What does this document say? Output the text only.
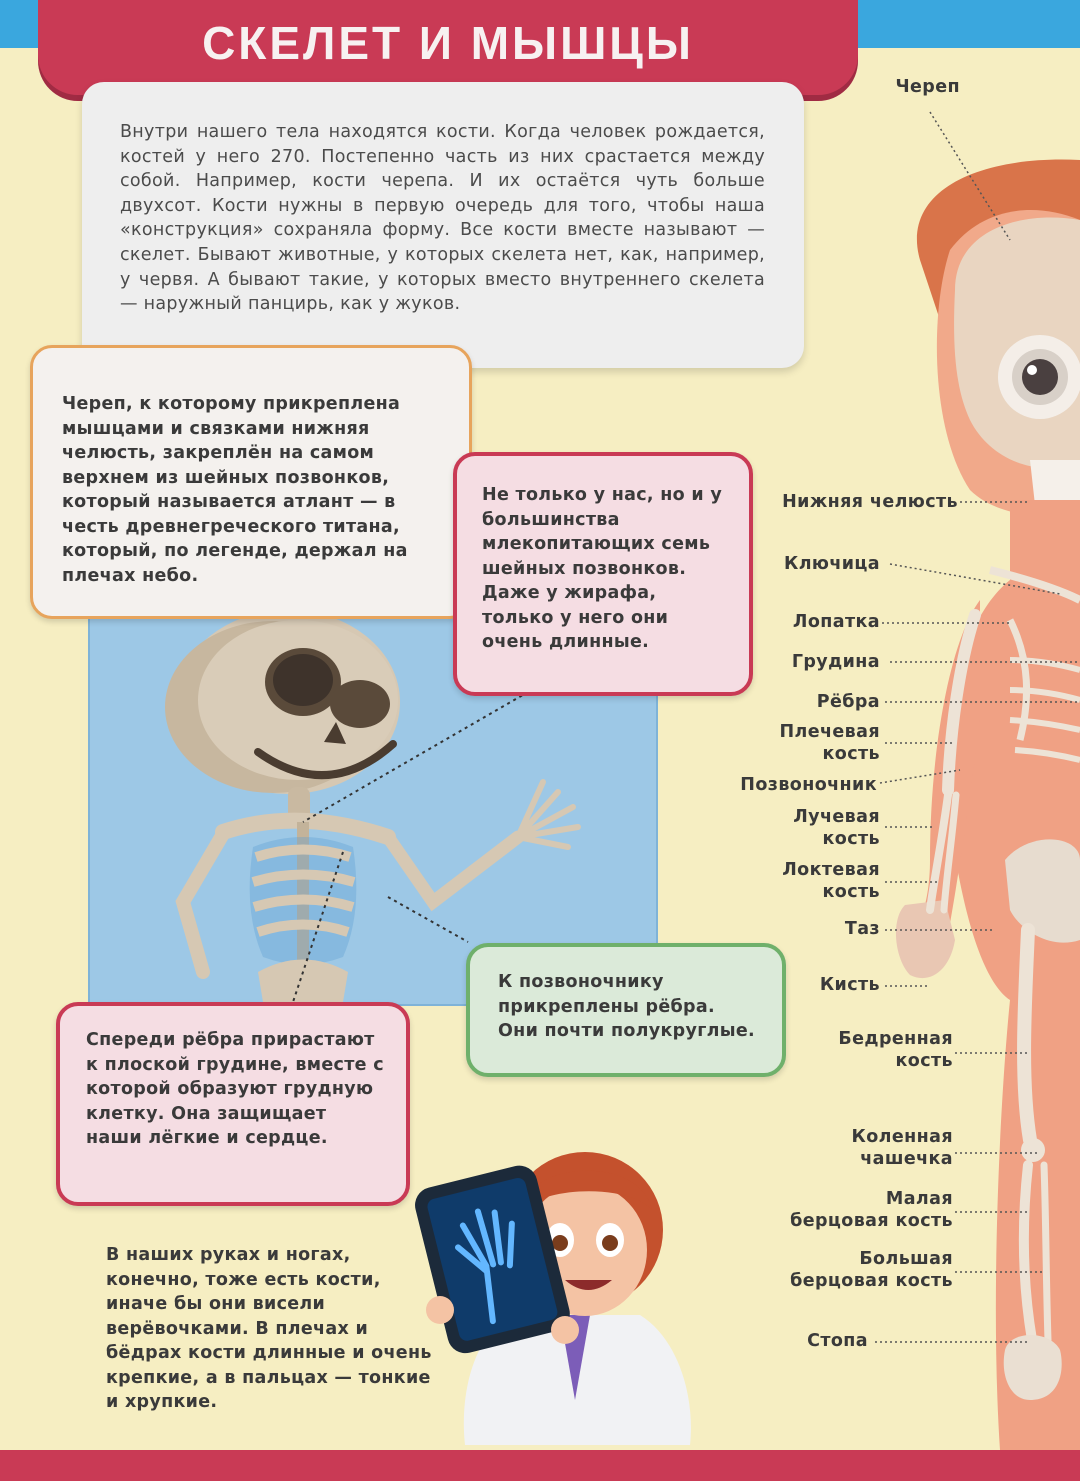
СКЕЛЕТ И МЫШЦЫ
Внутри нашего тела находятся кости. Когда человек рождается, костей у него 270. Постепенно часть из них срастается между собой. Например, кости черепа. И их остаётся чуть больше двухсот. Кости нужны в первую очередь для того, чтобы наша «конструкция» сохраняла форму. Все кости вместе называют — скелет. Бывают животные, у которых скелета нет, как, например, у червя. А бывают такие, у которых вместо внутреннего скелета — наружный панцирь, как у жуков.
Череп, к которому прикреплена мышцами и связками нижняя челюсть, закреплён на самом верхнем из шейных позвонков, который называется атлант — в честь древнегреческого титана, который, по легенде, держал на плечах небо.
Не только у нас, но и у большинства млекопитающих семь шейных позвонков. Даже у жирафа, только у него они очень длинные.
К позвоночнику прикреплены рёбра. Они почти полукруглые.
Спереди рёбра прирастают к плоской грудине, вместе с которой образуют грудную клетку. Она защищает наши лёгкие и сердце.
В наших руках и ногах, конечно, тоже есть кости, иначе бы они висели верёвочками. В плечах и бёдрах кости длинные и очень крепкие, а в пальцах — тонкие и хрупкие.
Череп
Нижняя челюсть
Ключица
Лопатка
Грудина
Рёбра
Плечевая
кость
Позвоночник
Лучевая
кость
Локтевая
кость
Таз
Кисть
Бедренная
кость
Коленная
чашечка
Малая
берцовая кость
Большая
берцовая кость
Стопа
